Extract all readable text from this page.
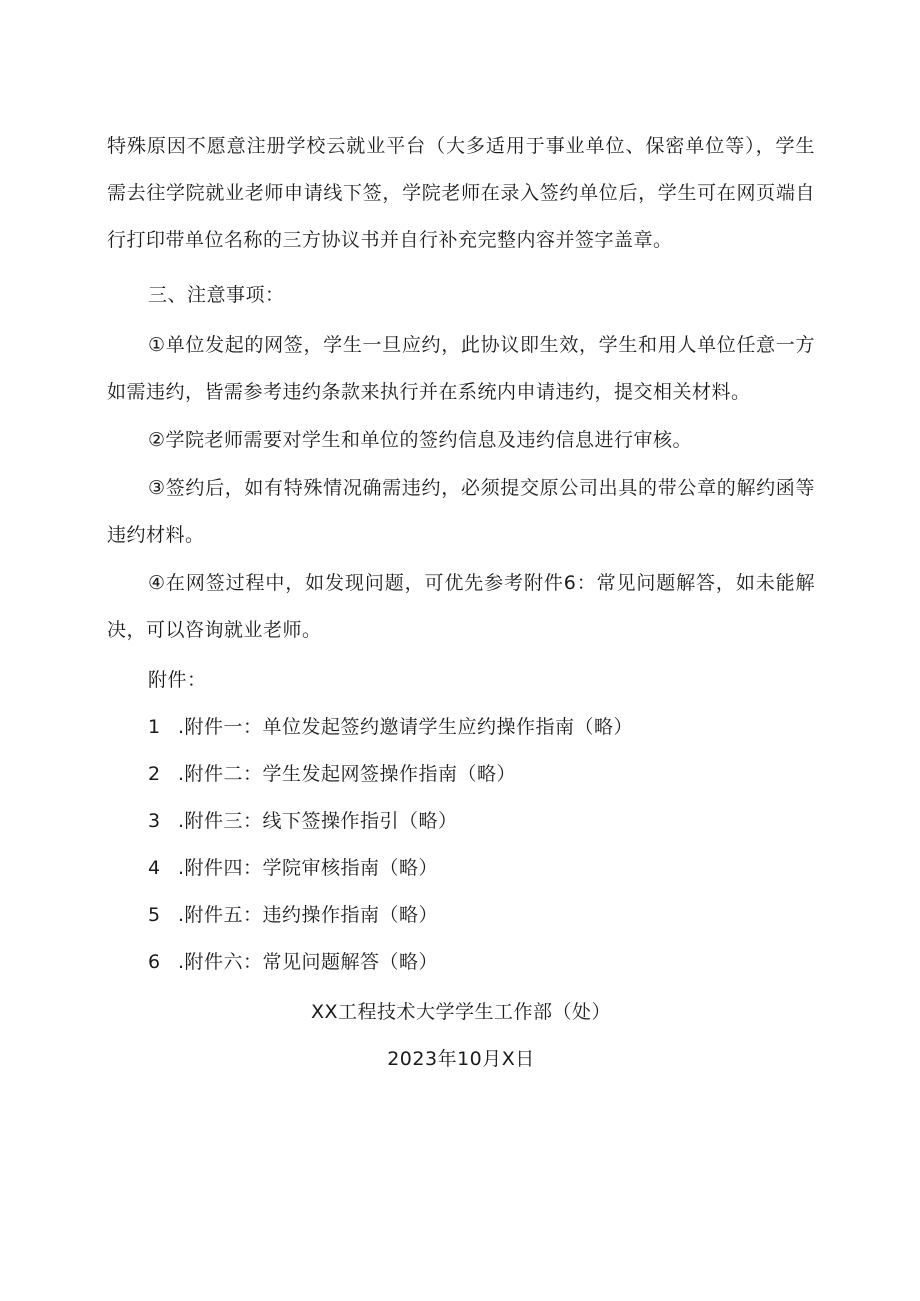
特殊原因不愿意注册学校云就业平台（大多适用于事业单位、保密单位等），学生需去往学院就业老师申请线下签，学院老师在录入签约单位后，学生可在网页端自行打印带单位名称的三方协议书并自行补充完整内容并签字盖章。

三、注意事项：

①单位发起的网签，学生一旦应约，此协议即生效，学生和用人单位任意一方如需违约，皆需参考违约条款来执行并在系统内申请违约，提交相关材料。

②学院老师需要对学生和单位的签约信息及违约信息进行审核。

③签约后，如有特殊情况确需违约，必须提交原公司出具的带公章的解约函等违约材料。

④在网签过程中，如发现问题，可优先参考附件6：常见问题解答，如未能解决，可以咨询就业老师。

附件：

1 .附件一：单位发起签约邀请学生应约操作指南（略）
2 .附件二：学生发起网签操作指南（略）
3 .附件三：线下签操作指引（略）
4 .附件四：学院审核指南（略）
5 .附件五：违约操作指南（略）
6 .附件六：常见问题解答（略）

XX工程技术大学学生工作部（处）

2023年10月X日
